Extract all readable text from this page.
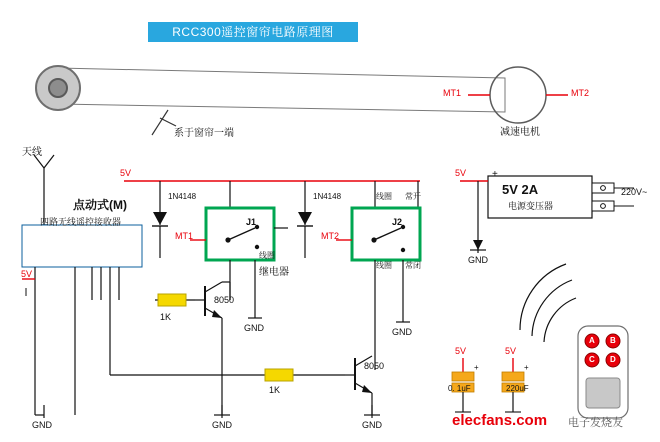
RCC300遥控窗帘电路原理图
M
MT1	MT2
减速电机
系于窗帘一端
天线
点动式(M)
四路无线遥控接收器
VCC	GND
A B C D
5V
GND
5V
1N4148	1N4148
J1
MT1
线圈
继电器
GND
J2
MT2
线圈 常开
线圈 常闭
GND
8050
1K
GND
8050
1K
GND
5V
5V 2A
电源变压器
220V~
GND
+
5V	5V
0. 1uF	220uF
+	+
A B
C D
elecfans.com 电子发烧友
